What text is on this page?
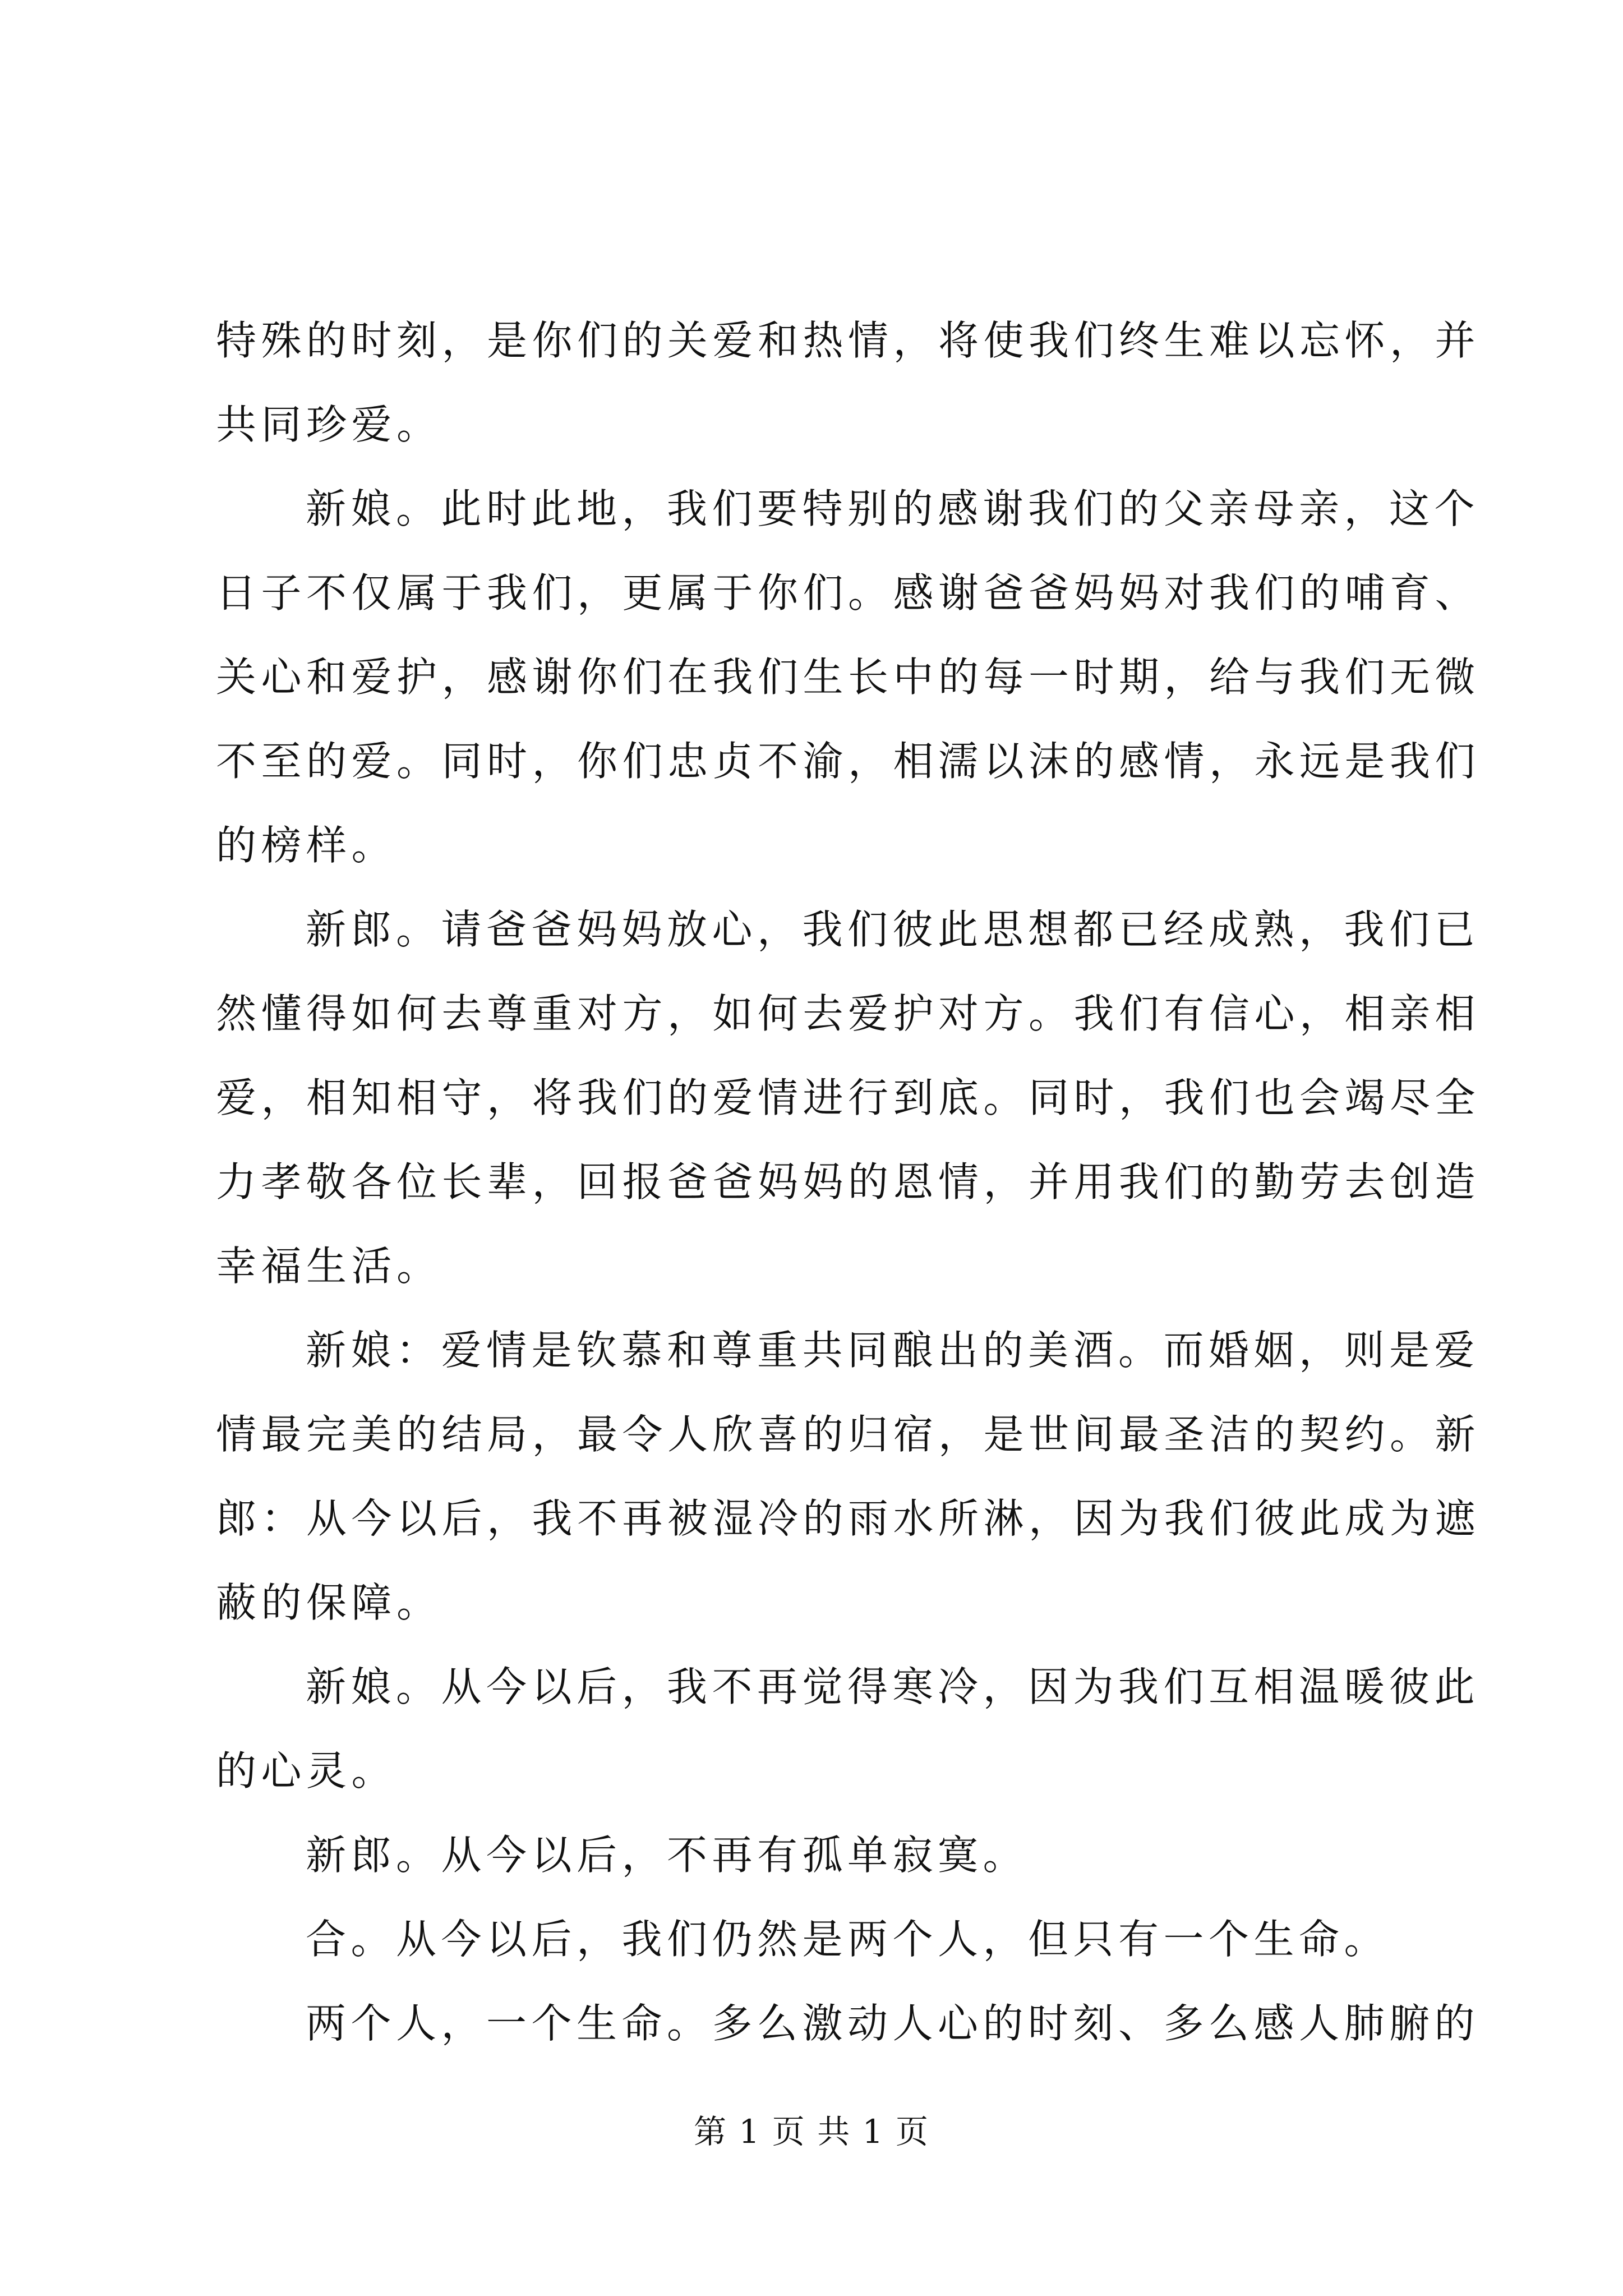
特殊的时刻，是你们的关爱和热情，将使我们终生难以忘怀，并
共同珍爱。
新娘。此时此地，我们要特别的感谢我们的父亲母亲，这个
日子不仅属于我们，更属于你们。感谢爸爸妈妈对我们的哺育、
关心和爱护，感谢你们在我们生长中的每一时期，给与我们无微
不至的爱。同时，你们忠贞不渝，相濡以沫的感情，永远是我们
的榜样。
新郎。请爸爸妈妈放心，我们彼此思想都已经成熟，我们已
然懂得如何去尊重对方，如何去爱护对方。我们有信心，相亲相
爱，相知相守，将我们的爱情进行到底。同时，我们也会竭尽全
力孝敬各位长辈，回报爸爸妈妈的恩情，并用我们的勤劳去创造
幸福生活。
新娘：爱情是钦慕和尊重共同酿出的美酒。而婚姻，则是爱
情最完美的结局，最令人欣喜的归宿，是世间最圣洁的契约。新
郎：从今以后，我不再被湿冷的雨水所淋，因为我们彼此成为遮
蔽的保障。
新娘。从今以后，我不再觉得寒冷，因为我们互相温暖彼此
的心灵。
新郎。从今以后，不再有孤单寂寞。
合。从今以后，我们仍然是两个人，但只有一个生命。
两个人，一个生命。多么激动人心的时刻、多么感人肺腑的
第 1 页 共 1 页
